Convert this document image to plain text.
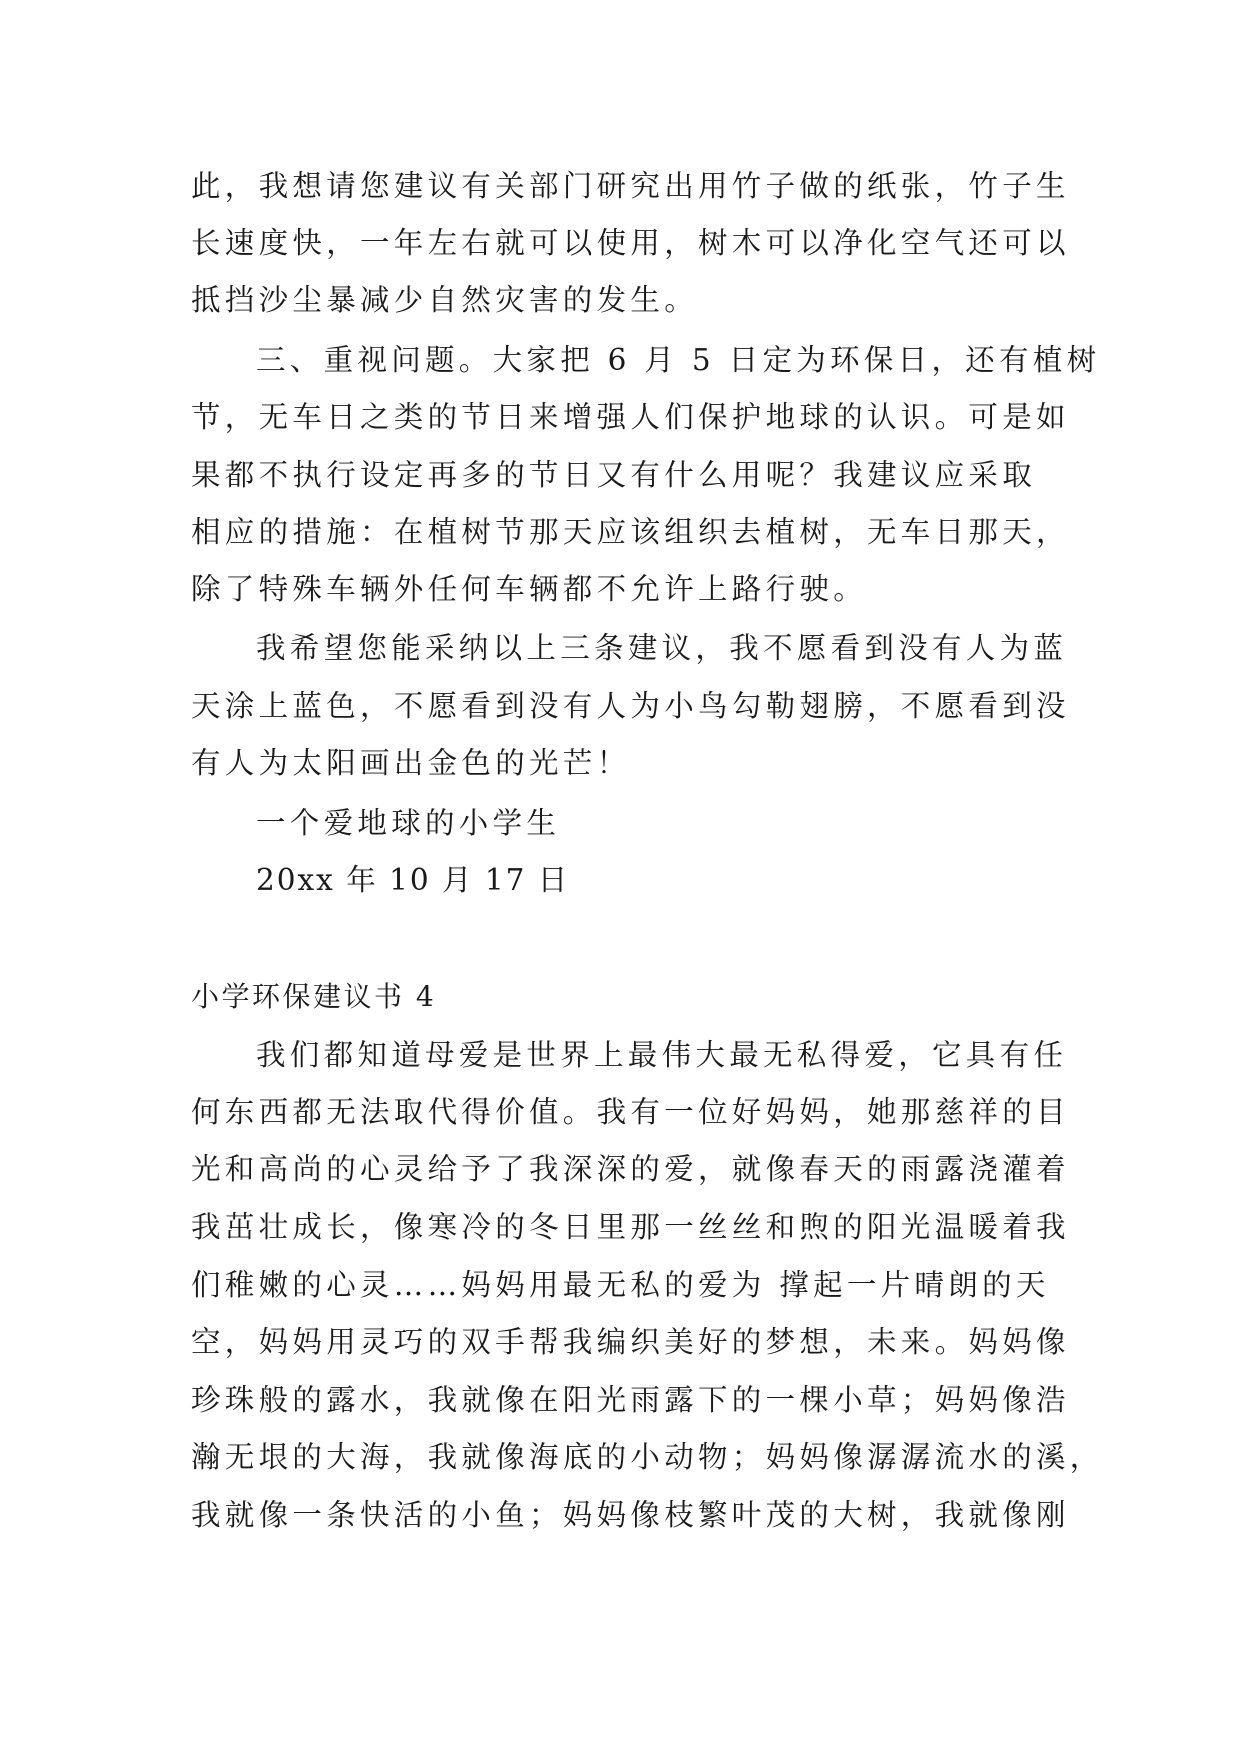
此，我想请您建议有关部门研究出用竹子做的纸张，竹子生

长速度快，一年左右就可以使用，树木可以净化空气还可以

抵挡沙尘暴减少自然灾害的发生。

三、重视问题。大家把 6 月 5 日定为环保日，还有植树

节，无车日之类的节日来增强人们保护地球的认识。可是如

果都不执行设定再多的节日又有什么用呢？我建议应采取

相应的措施：在植树节那天应该组织去植树，无车日那天，

除了特殊车辆外任何车辆都不允许上路行驶。

我希望您能采纳以上三条建议，我不愿看到没有人为蓝

天涂上蓝色，不愿看到没有人为小鸟勾勒翅膀，不愿看到没

有人为太阳画出金色的光芒！

一个爱地球的小学生

20xx 年 10 月 17 日

小学环保建议书 4

我们都知道母爱是世界上最伟大最无私得爱，它具有任

何东西都无法取代得价值。我有一位好妈妈，她那慈祥的目

光和高尚的心灵给予了我深深的爱，就像春天的雨露浇灌着

我茁壮成长，像寒冷的冬日里那一丝丝和煦的阳光温暖着我

们稚嫩的心灵……妈妈用最无私的爱为 撑起一片晴朗的天

空，妈妈用灵巧的双手帮我编织美好的梦想，未来。妈妈像

珍珠般的露水，我就像在阳光雨露下的一棵小草；妈妈像浩

瀚无垠的大海，我就像海底的小动物；妈妈像潺潺流水的溪，

我就像一条快活的小鱼；妈妈像枝繁叶茂的大树，我就像刚
